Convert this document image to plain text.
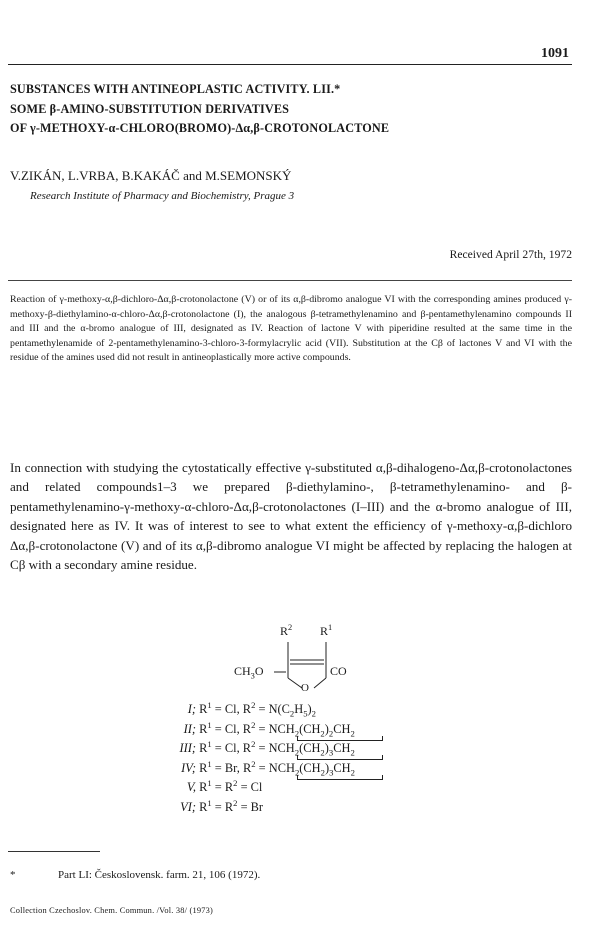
1091
SUBSTANCES WITH ANTINEOPLASTIC ACTIVITY. LII.*
SOME β-AMINO-SUBSTITUTION DERIVATIVES
OF γ-METHOXY-α-CHLORO(BROMO)-Δα,β-CROTONOLACTONE
V.ZIKÁN, L.VRBA, B.KAKÁČ and M.SEMONSKÝ
Research Institute of Pharmacy and Biochemistry, Prague 3
Received April 27th, 1972

Reaction of γ-methoxy-α,β-dichloro-Δα,β-crotonolactone (V) or of its α,β-dibromo analogue VI with the corresponding amines produced γ-methoxy-β-diethylamino-α-chloro-Δα,β-crotonolactone (I), the analogous β-tetramethylenamino and β-pentamethylenamino compounds II and III and the α-bromo analogue of III, designated as IV. Reaction of lactone V with piperidine resulted at the same time in the pentamethylenamide of 2-pentamethylenamino-3-chloro-3-formylacrylic acid (VII). Substitution at the Cβ of lactones V and VI with the residue of the amines used did not result in antineoplastically more active compounds.

In connection with studying the cytostatically effective γ-substituted α,β-dihalogeno-Δα,β-crotonolactones and related compounds1–3 we prepared β-diethylamino-, β-tetramethylenamino- and β-pentamethylenamino-γ-methoxy-α-chloro-Δα,β-crotonolactones (I–III) and the α-bromo analogue of III, designated here as IV. It was of interest to see to what extent the efficiency of γ-methoxy-α,β-dichloro Δα,β-crotonolactone (V) and of its α,β-dibromo analogue VI might be affected by replacing the halogen at Cβ with a secondary amine residue.

$R^2$ $R^1$
$CH_3O$	CO
O
I; $R^1 = Cl$, $R^2 = N(C_2H_5)_2$
II; $R^1 = Cl$, $R^2 = NCH_2(CH_2)_2CH_2$
III; $R^1 = Cl$, $R^2 = NCH_2(CH_2)_3CH_2$
IV; $R^1 = Br$, $R^2 = NCH_2(CH_2)_3CH_2$
V, $R^1 = R^2 = Cl$
VI; $R^1 = R^2 = Br$
*	Part LI: Československ. farm. 21, 106 (1972).
Collection Czechoslov. Chem. Commun. /Vol. 38/ (1973)
